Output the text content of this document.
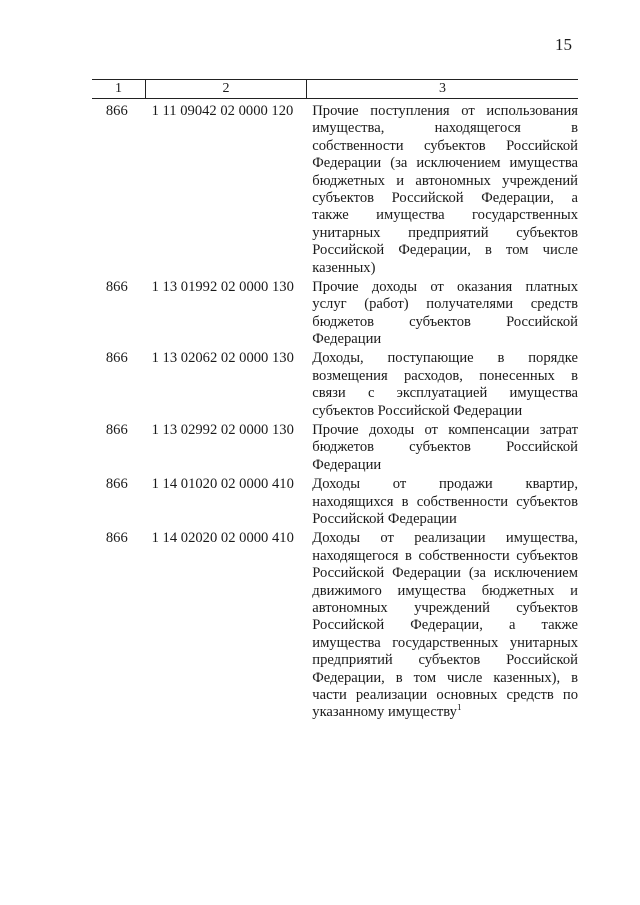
15
1	2	3
866	1 11 09042 02 0000 120	Прочие поступления от использования
имущества, находящегося в
собственности субъектов Российской
Федерации (за исключением имущества
бюджетных и автономных учреждений
субъектов Российской Федерации, а
также имущества государственных
унитарных предприятий субъектов
Российской Федерации, в том числе
казенных)
866	1 13 01992 02 0000 130	Прочие доходы от оказания платных
услуг (работ) получателями средств
бюджетов субъектов Российской
Федерации
866	1 13 02062 02 0000 130	Доходы, поступающие в порядке
возмещения расходов, понесенных в
связи с эксплуатацией имущества
субъектов Российской Федерации
866	1 13 02992 02 0000 130	Прочие доходы от компенсации затрат
бюджетов субъектов Российской
Федерации
866	1 14 01020 02 0000 410	Доходы от продажи квартир,
находящихся в собственности субъектов
Российской Федерации
866	1 14 02020 02 0000 410	Доходы от реализации имущества,
находящегося в собственности субъектов
Российской Федерации (за исключением
движимого имущества бюджетных и
автономных учреждений субъектов
Российской Федерации, а также
имущества государственных унитарных
предприятий субъектов Российской
Федерации, в том числе казенных), в
части реализации основных средств по
указанному имуществу$^1$
